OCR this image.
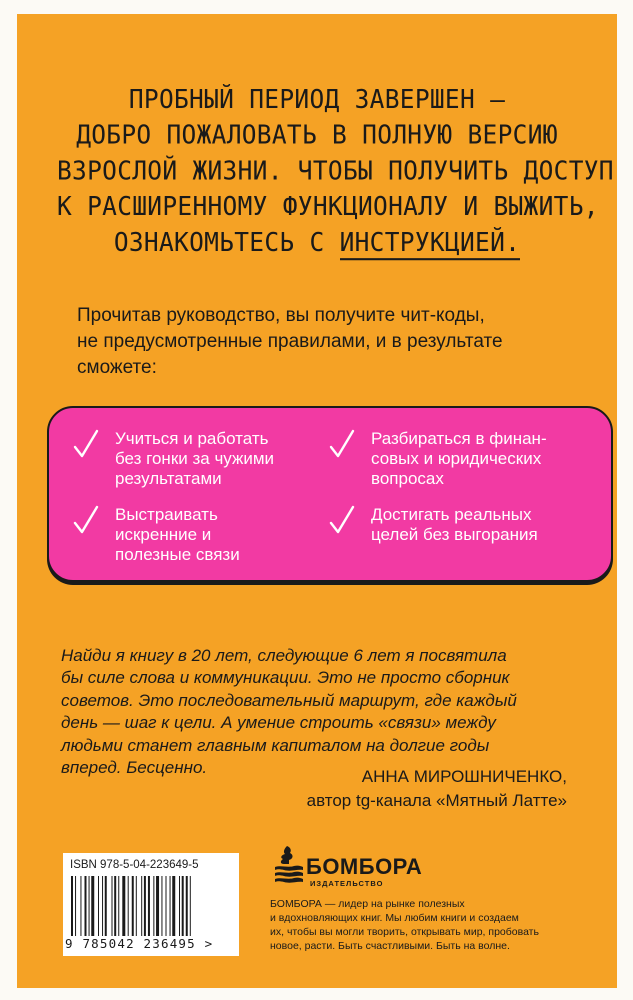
ПРОБНЫЙ ПЕРИОД ЗАВЕРШЕН –
ДОБРО ПОЖАЛОВАТЬ В ПОЛНУЮ ВЕРСИЮ
ВЗРОСЛОЙ ЖИЗНИ. ЧТОБЫ ПОЛУЧИТЬ ДОСТУП
К РАСШИРЕННОМУ ФУНКЦИОНАЛУ И ВЫЖИТЬ,
ОЗНАКОМЬТЕСЬ С ИНСТРУКЦИЕЙ.
Прочитав руководство, вы получите чит-коды,
не предусмотренные правилами, и в результате
сможете:
Учиться и работать
без гонки за чужими
результатами
Разбираться в финан-
совых и юридических
вопросах
Выстраивать
искренние и
полезные связи
Достигать реальных
целей без выгорания
Найди я книгу в 20 лет, следующие 6 лет я посвятила
бы силе слова и коммуникации. Это не просто сборник
советов. Это последовательный маршрут, где каждый
день — шаг к цели. А умение строить «связи» между
людьми станет главным капиталом на долгие годы
вперед. Бесценно.	АННА МИРОШНИЧЕНКО,
автор tg-канала «Мятный Латте»
ISBN 978-5-04-223649-5
9 785042 236495 >
БОМБОРА
ИЗДАТЕЛЬСТВО
БОМБОРА — лидер на рынке полезных
и вдохновляющих книг. Мы любим книги и создаем
их, чтобы вы могли творить, открывать мир, пробовать
новое, расти. Быть счастливыми. Быть на волне.
